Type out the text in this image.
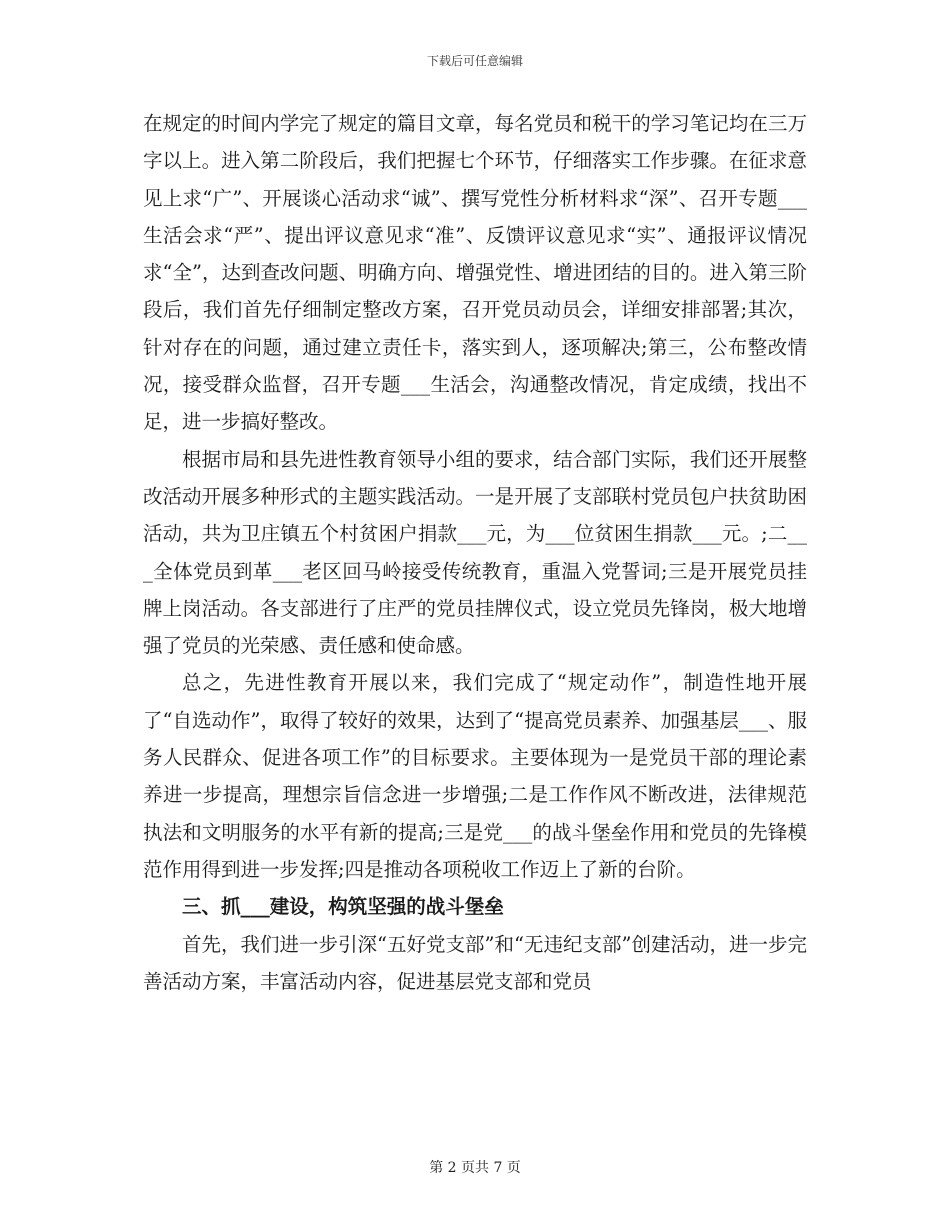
下载后可任意编辑

在规定的时间内学完了规定的篇目文章，每名党员和税干的学习笔记均在三万字以上。进入第二阶段后，我们把握七个环节，仔细落实工作步骤。在征求意见上求“广”、开展谈心活动求“诚”、撰写党性分析材料求“深”、召开专题___生活会求“严”、提出评议意见求“准”、反馈评议意见求“实”、通报评议情况求“全”，达到查改问题、明确方向、增强党性、增进团结的目的。进入第三阶段后，我们首先仔细制定整改方案，召开党员动员会，详细安排部署;其次，针对存在的问题，通过建立责任卡，落实到人，逐项解决;第三，公布整改情况，接受群众监督，召开专题___生活会，沟通整改情况，肯定成绩，找出不足，进一步搞好整改。

根据市局和县先进性教育领导小组的要求，结合部门实际，我们还开展整改活动开展多种形式的主题实践活动。一是开展了支部联村党员包户扶贫助困活动，共为卫庄镇五个村贫困户捐款___元，为___位贫困生捐款___元。;二___全体党员到革___老区回马岭接受传统教育，重温入党誓词;三是开展党员挂牌上岗活动。各支部进行了庄严的党员挂牌仪式，设立党员先锋岗，极大地增强了党员的光荣感、责任感和使命感。

总之，先进性教育开展以来，我们完成了“规定动作”，制造性地开展了“自选动作”，取得了较好的效果，达到了“提高党员素养、加强基层___、服务人民群众、促进各项工作”的目标要求。主要体现为一是党员干部的理论素养进一步提高，理想宗旨信念进一步增强;二是工作作风不断改进，法律规范执法和文明服务的水平有新的提高;三是党___的战斗堡垒作用和党员的先锋模范作用得到进一步发挥;四是推动各项税收工作迈上了新的台阶。

三、抓___建设，构筑坚强的战斗堡垒

首先，我们进一步引深“五好党支部”和“无违纪支部”创建活动，进一步完善活动方案，丰富活动内容，促进基层党支部和党员

第 2 页共 7 页
